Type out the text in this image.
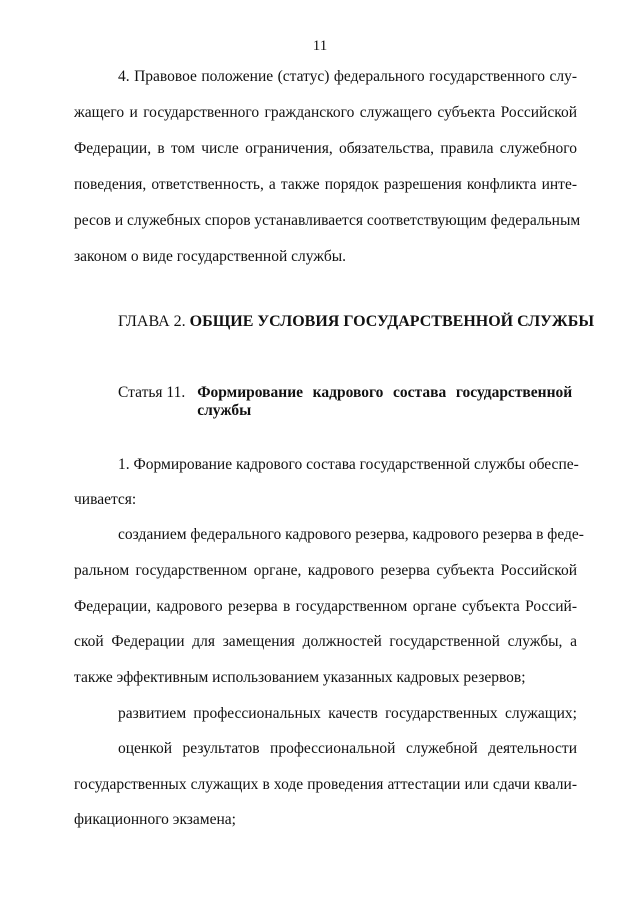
11
4. Правовое положение (статус) федерального государственного слу-
жащего и государственного гражданского служащего субъекта Российской
Федерации, в том числе ограничения, обязательства, правила служебного
поведения, ответственность, а также порядок разрешения конфликта инте-
ресов и служебных споров устанавливается соответствующим федеральным
законом о виде государственной службы.
ГЛАВА 2. ОБЩИЕ УСЛОВИЯ ГОСУДАРСТВЕННОЙ СЛУЖБЫ
Статья 11. Формирование кадрового состава государственной
службы
1. Формирование кадрового состава государственной службы обеспе-
чивается:
созданием федерального кадрового резерва, кадрового резерва в феде-
ральном государственном органе, кадрового резерва субъекта Российской
Федерации, кадрового резерва в государственном органе субъекта Россий-
ской Федерации для замещения должностей государственной службы, а
также эффективным использованием указанных кадровых резервов;
развитием профессиональных качеств государственных служащих;
оценкой результатов профессиональной служебной деятельности
государственных служащих в ходе проведения аттестации или сдачи квали-
фикационного экзамена;
